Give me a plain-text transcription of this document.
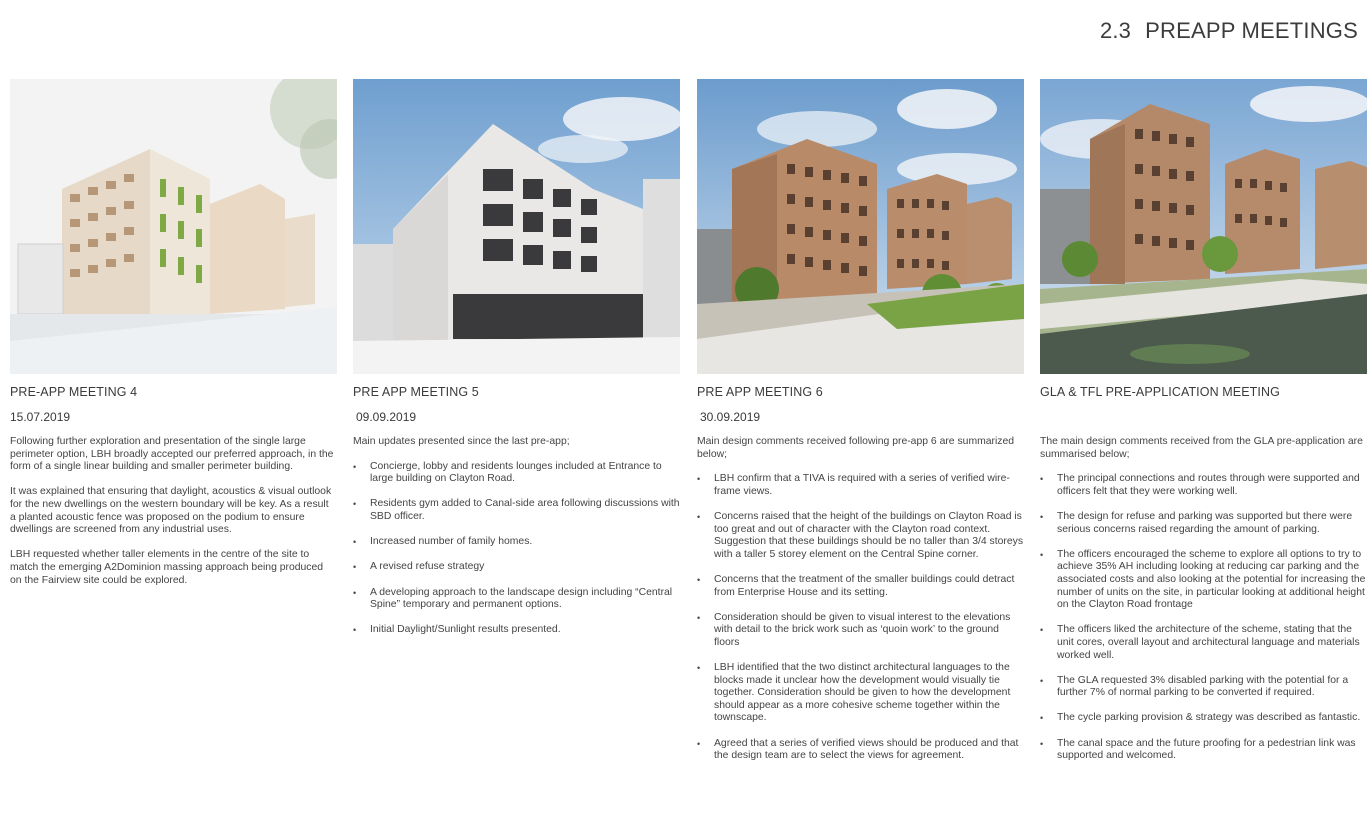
2.3 PREAPP MEETINGS
PRE-APP MEETING 4
15.07.2019

Following further exploration and presentation of the single large perimeter option, LBH broadly accepted our preferred approach, in the form of a single linear building and smaller perimeter building.

It was explained that ensuring that daylight, acoustics & visual outlook for the new dwellings on the western boundary will be key. As a result a planted acoustic fence was proposed on the podium to ensure dwellings are screened from any industrial uses.

LBH requested whether taller elements in the centre of the site to match the emerging A2Dominion massing approach being produced on the Fairview site could be explored.

PRE APP MEETING 5
09.09.2019

Main updates presented since the last pre-app;

• Concierge, lobby and residents lounges included at Entrance to large building on Clayton Road.
• Residents gym added to Canal-side area following discussions with SBD officer.
• Increased number of family homes.
• A revised refuse strategy
• A developing approach to the landscape design including “Central Spine” temporary and permanent options.
• Initial Daylight/Sunlight results presented.
PRE APP MEETING 6
30.09.2019

Main design comments received following pre-app 6 are summarized below;

• LBH confirm that a TIVA is required with a series of verified wire-frame views.
• Concerns raised that the height of the buildings on Clayton Road is too great and out of character with the Clayton road context. Suggestion that these buildings should be no taller than 3/4 storeys with a taller 5 storey element on the Central Spine corner.
• Concerns that the treatment of the smaller buildings could detract from Enterprise House and its setting.
• Consideration should be given to visual interest to the elevations with detail to the brick work such as ‘quoin work’ to the ground floors
• LBH identified that the two distinct architectural languages to the blocks made it unclear how the development would visually tie together. Consideration should be given to how the development should appear as a more cohesive scheme together within the townscape.
• Agreed that a series of verified views should be produced and that the design team are to select the views for agreement.
GLA & TFL PRE-APPLICATION MEETING

The main design comments received from the GLA pre-application are summarised below;

• The principal connections and routes through were supported and officers felt that they were working well.
• The design for refuse and parking was supported but there were serious concerns raised regarding the amount of parking.
• The officers encouraged the scheme to explore all options to try to achieve 35% AH including looking at reducing car parking and the associated costs and also looking at the potential for increasing the number of units on the site, in particular looking at additional height on the Clayton Road frontage
• The officers liked the architecture of the scheme, stating that the unit cores, overall layout and architectural language and materials worked well.
• The GLA requested 3% disabled parking with the potential for a further 7% of normal parking to be converted if required.
• The cycle parking provision & strategy was described as fantastic.
• The canal space and the future proofing for a pedestrian link was supported and welcomed.
